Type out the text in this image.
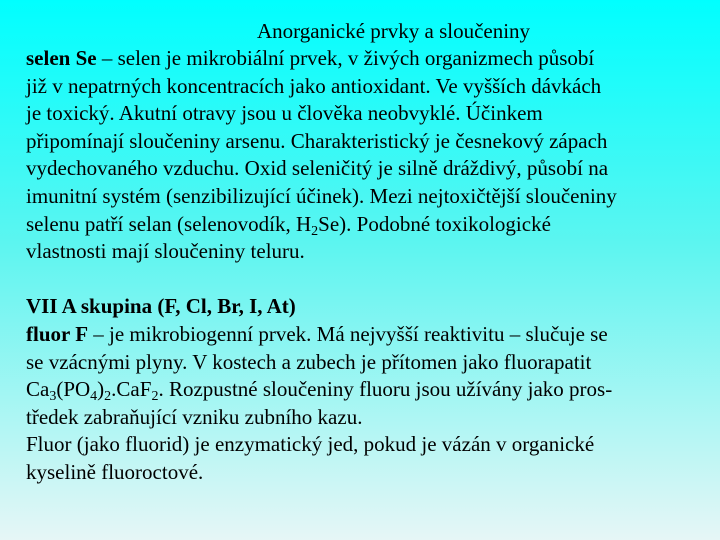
Anorganické prvky a sloučeniny

selen Se – selen je mikrobiální prvek, v živých organizmech působí

již v nepatrných koncentracích jako antioxidant. Ve vyšších dávkách

je toxický. Akutní otravy jsou u člověka neobvyklé. Účinkem

připomínají sloučeniny arsenu. Charakteristický je česnekový zápach

vydechovaného vzduchu. Oxid seleničitý je silně dráždivý, působí na

imunitní systém (senzibilizující účinek). Mezi nejtoxičtější sloučeniny

selenu patří selan (selenovodík, $H_2Se$). Podobné toxikologické

vlastnosti mají sloučeniny teluru.

VII A skupina (F, Cl, Br, I, At)

fluor F – je mikrobiogenní prvek. Má nejvyšší reaktivitu – slučuje se

se vzácnými plyny. V kostech a zubech je přítomen jako fluorapatit

$Ca_3(PO_4)_2.CaF_2$. Rozpustné sloučeniny fluoru jsou užívány jako pros-

tředek zabraňující vzniku zubního kazu.

Fluor (jako fluorid) je enzymatický jed, pokud je vázán v organické

kyselině fluoroctové.
